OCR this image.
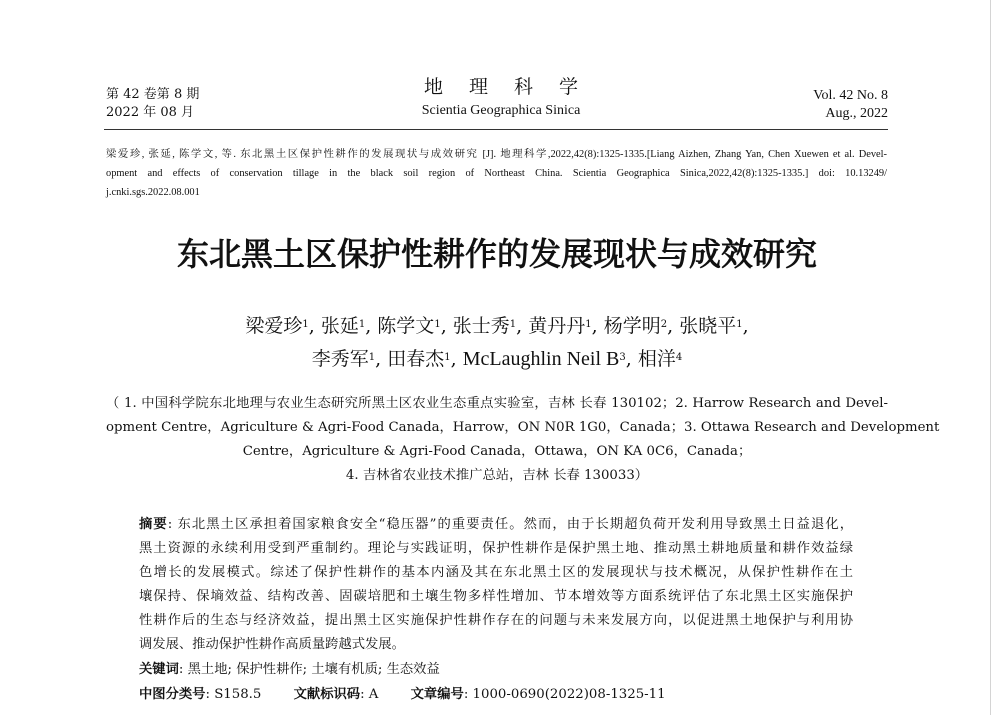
第 42 卷第 8 期
2022 年 08 月
地 理 科 学
Scientia Geographica Sinica
Vol. 42 No. 8
Aug., 2022
梁爱珍, 张延, 陈学文, 等. 东北黑土区保护性耕作的发展现状与成效研究 [J]. 地理科学,2022,42(8):1325-1335.[Liang Aizhen, Zhang Yan, Chen Xuewen et al. Devel-
opment and effects of conservation tillage in the black soil region of Northeast China. Scientia Geographica Sinica,2022,42(8):1325-1335.] doi: 10.13249/
j.cnki.sgs.2022.08.001
东北黑土区保护性耕作的发展现状与成效研究
梁爱珍$^1$, 张延$^1$, 陈学文$^1$, 张士秀$^1$, 黄丹丹$^1$, 杨学明$^2$, 张晓平$^1$,
李秀军$^1$, 田春杰$^1$, McLaughlin Neil $B^3$, 相洋$^4$
（ 1. 中国科学院东北地理与农业生态研究所黑土区农业生态重点实验室，吉林 长春 130102；2. Harrow Research and Devel-
opment Centre，Agriculture & Agri-Food Canada，Harrow，ON N0R 1G0，Canada；3. Ottawa Research and Development
Centre，Agriculture & Agri-Food Canada，Ottawa，ON KA 0C6，Canada；
4. 吉林省农业技术推广总站，吉林 长春 130033）
摘要: 东北黑土区承担着国家粮食安全“稳压器”的重要责任。然而，由于长期超负荷开发利用导致黑土日益退化，
黑土资源的永续利用受到严重制约。理论与实践证明，保护性耕作是保护黑土地、推动黑土耕地质量和耕作效益绿
色增长的发展模式。综述了保护性耕作的基本内涵及其在东北黑土区的发展现状与技术概况，从保护性耕作在土
壤保持、保墒效益、结构改善、固碳培肥和土壤生物多样性增加、节本增效等方面系统评估了东北黑土区实施保护
性耕作后的生态与经济效益，提出黑土区实施保护性耕作存在的问题与未来发展方向，以促进黑土地保护与利用协
调发展、推动保护性耕作高质量跨越式发展。
关键词: 黑土地; 保护性耕作; 土壤有机质; 生态效益
中图分类号: S158.5 文献标识码: A 文章编号: 1000-0690(2022)08-1325-11
